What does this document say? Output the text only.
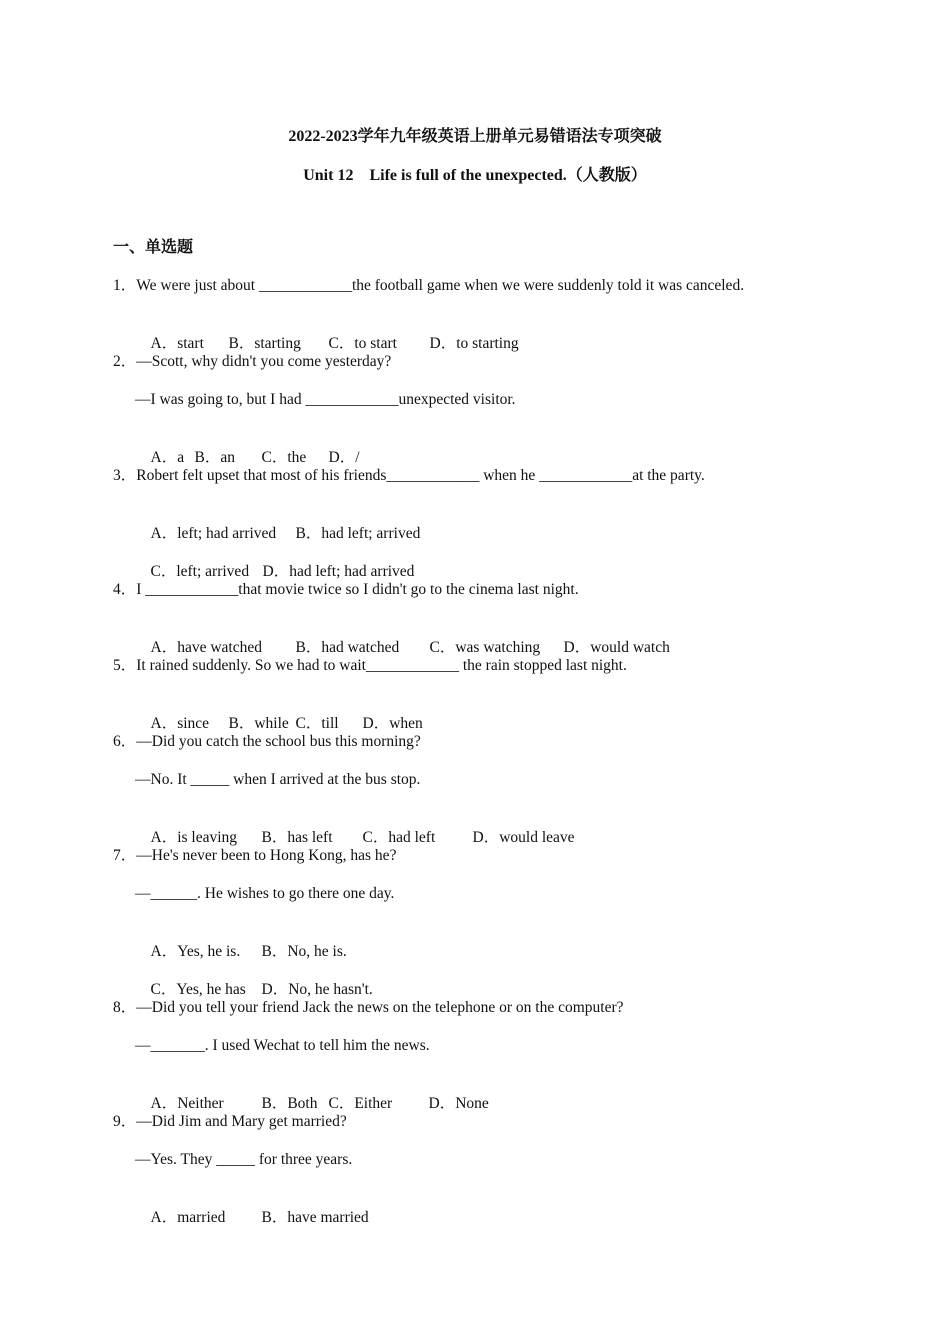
2022-2023学年九年级英语上册单元易错语法专项突破
Unit 12    Life is full of the unexpected.（人教版）
一、单选题
1．We were just about ____________the football game when we were suddenly told it was canceled.

A．start B．starting C．to start D．to starting

2．—Scott, why didn't you come yesterday?
—I was going to, but I had ____________unexpected visitor.

A．a B．an C．the D．/

3．Robert felt upset that most of his friends____________ when he ____________at the party.

A．left; had arrived B．had left; arrived

C．left; arrived D．had left; had arrived

4．I ____________that movie twice so I didn't go to the cinema last night.

A．have watched B．had watched C．was watching D．would watch

5．It rained suddenly. So we had to wait____________ the rain stopped last night.

A．since B．while C．till D．when

6．—Did you catch the school bus this morning?
—No. It _____ when I arrived at the bus stop.

A．is leaving B．has left C．had left D．would leave

7．—He's never been to Hong Kong, has he?
—______. He wishes to go there one day.

A．Yes, he is. B．No, he is.

C．Yes, he has D．No, he hasn't.

8．—Did you tell your friend Jack the news on the telephone or on the computer?
—_______. I used Wechat to tell him the news.

A．Neither B．Both C．Either D．None

9．—Did Jim and Mary get married?
—Yes. They _____ for three years.

A．married B．have married
